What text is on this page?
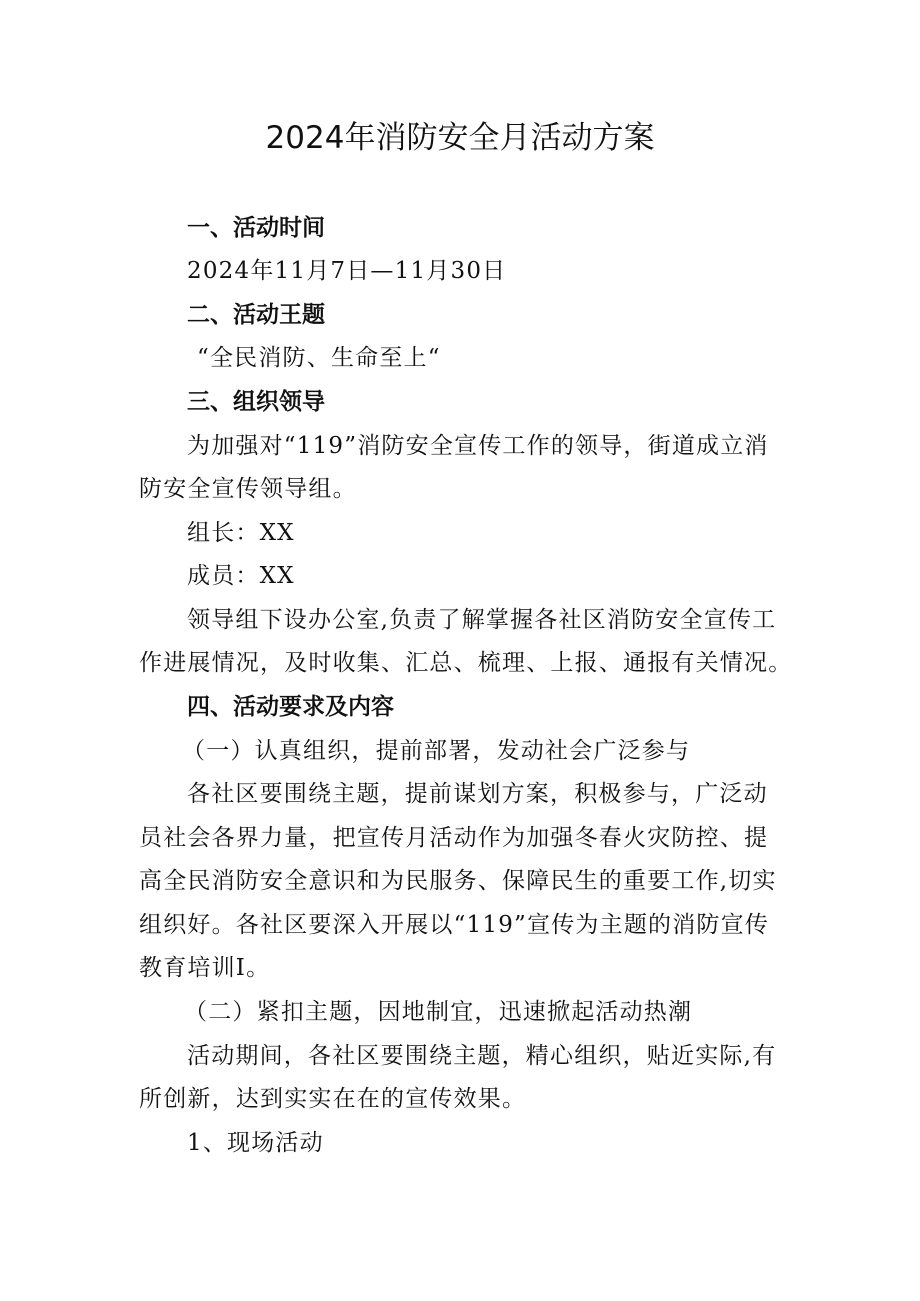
2024年消防安全月活动方案

一、活动时间

2024年11月7日—11月30日

二、活动王题

“全民消防、生命至上“

三、组织领导

为加强对“119”消防安全宣传工作的领导，街道成立消

防安全宣传领导组。

组长：XX

成员：XX

领导组下设办公室,负责了解掌握各社区消防安全宣传工

作进展情况，及时收集、汇总、梳理、上报、通报有关情况。

四、活动要求及内容

（一）认真组织，提前部署，发动社会广泛参与

各社区要围绕主题，提前谋划方案，积极参与，广泛动

员社会各界力量，把宣传月活动作为加强冬春火灾防控、提

高全民消防安全意识和为民服务、保障民生的重要工作,切实

组织好。各社区要深入开展以“119”宣传为主题的消防宣传

教育培训I。

（二）紧扣主题，因地制宜，迅速掀起活动热潮

活动期间，各社区要围绕主题，精心组织，贴近实际,有

所创新，达到实实在在的宣传效果。

1、现场活动
